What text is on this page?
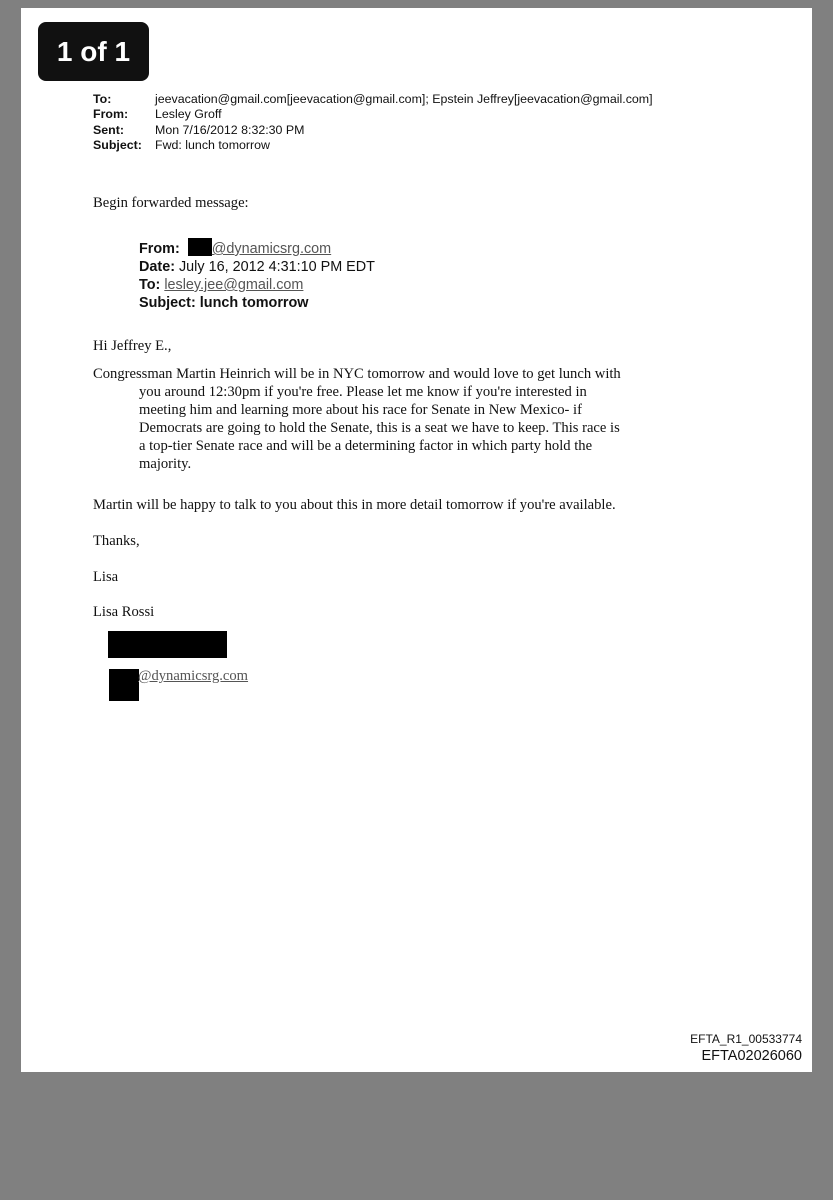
1 of 1
To:	jeevacation@gmail.com[jeevacation@gmail.com]; Epstein Jeffrey[jeevacation@gmail.com]
From:	Lesley Groff
Sent:	Mon 7/16/2012 8:32:30 PM
Subject:	Fwd: lunch tomorrow
Begin forwarded message:
From: @dynamicsrg.com
Date: July 16, 2012 4:31:10 PM EDT
To: lesley.jee@gmail.com
Subject: lunch tomorrow
Hi Jeffrey E.,
Congressman Martin Heinrich will be in NYC tomorrow and would love to get lunch with
you around 12:30pm if you're free. Please let me know if you're interested in
meeting him and learning more about his race for Senate in New Mexico- if
Democrats are going to hold the Senate, this is a seat we have to keep. This race is
a top-tier Senate race and will be a determining factor in which party hold the
majority.
Martin will be happy to talk to you about this in more detail tomorrow if you're available.
Thanks,
Lisa
Lisa Rossi
@dynamicsrg.com
EFTA_R1_00533774
EFTA02026060
